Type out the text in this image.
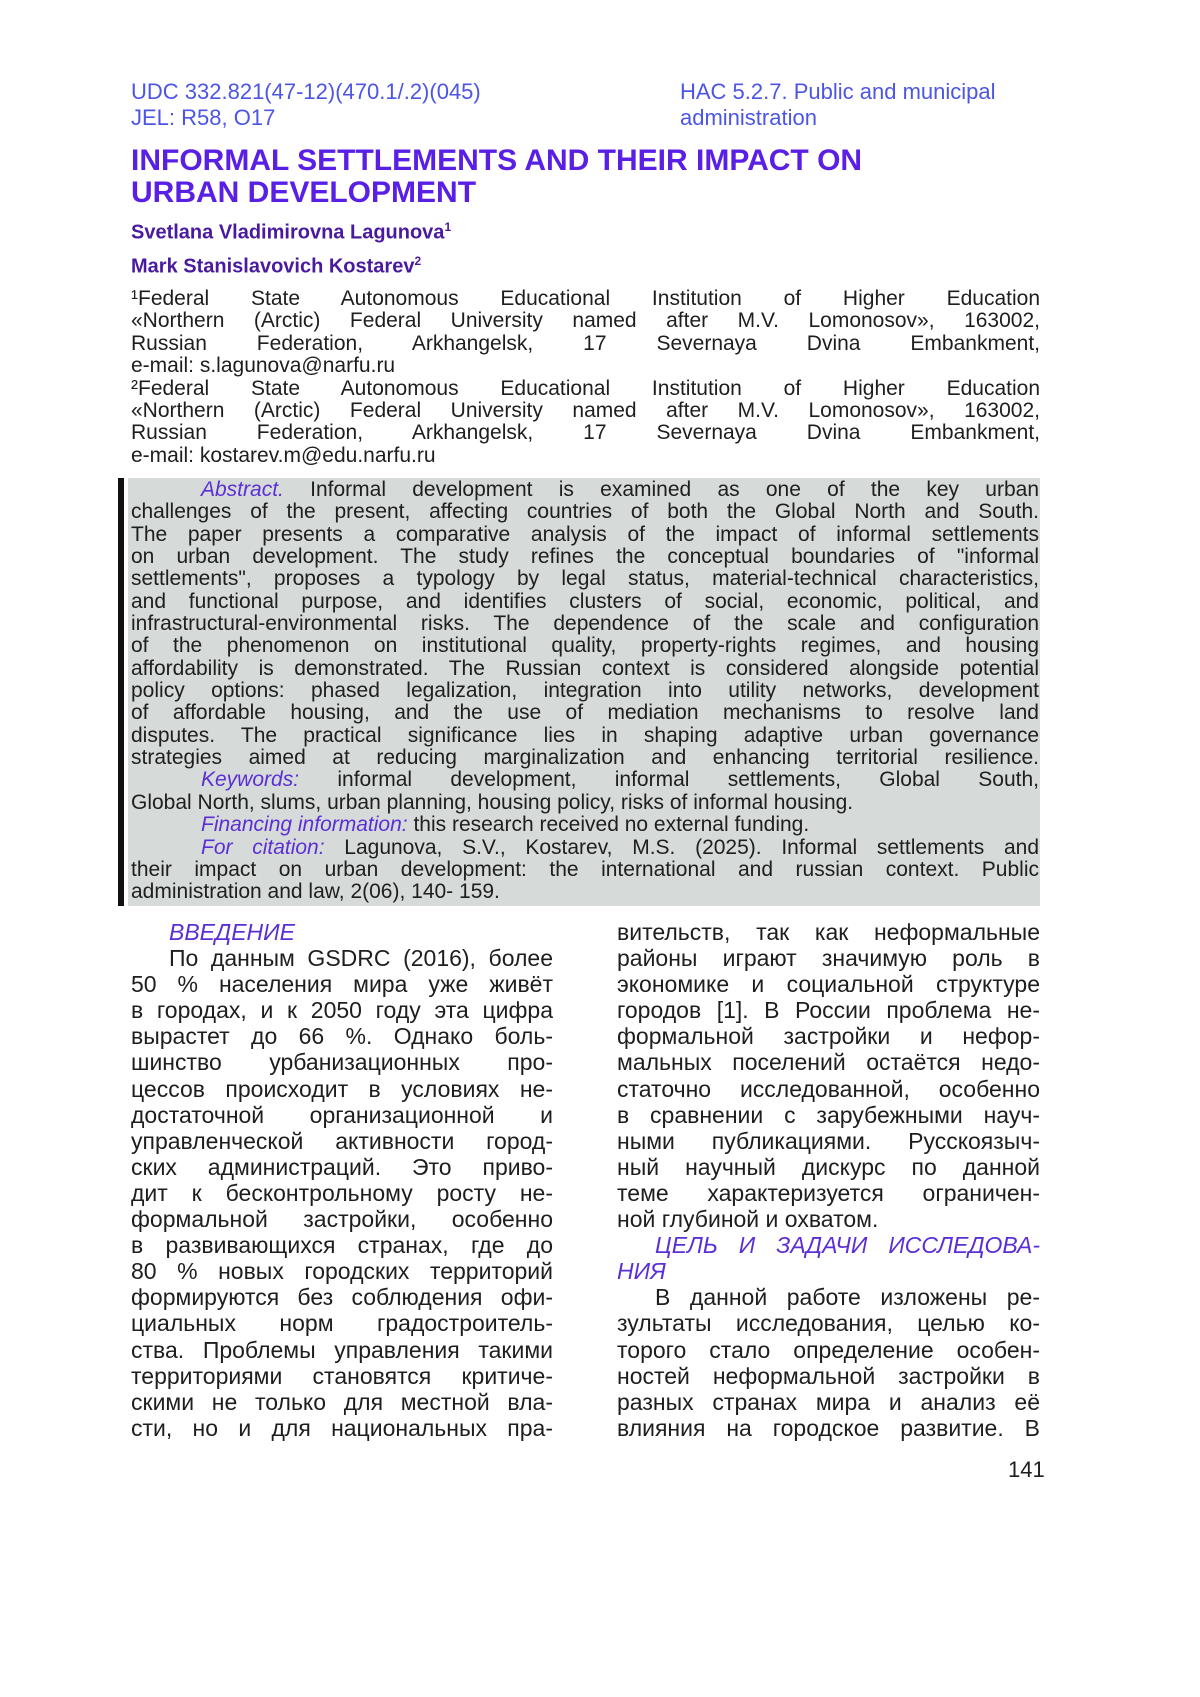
UDC 332.821(47-12)(470.1/.2)(045)
JEL: R58, O17
HAC 5.2.7. Public and municipal
administration
INFORMAL SETTLEMENTS AND THEIR IMPACT ON
URBAN DEVELOPMENT
Svetlana Vladimirovna Lagunova1
Mark Stanislavovich Kostarev2
¹Federal State Autonomous Educational Institution of Higher Education
«Northern (Arctic) Federal University named after M.V. Lomonosov», 163002,
Russian Federation, Arkhangelsk, 17 Severnaya Dvina Embankment,
e-mail: s.lagunova@narfu.ru
²Federal State Autonomous Educational Institution of Higher Education
«Northern (Arctic) Federal University named after M.V. Lomonosov», 163002,
Russian Federation, Arkhangelsk, 17 Severnaya Dvina Embankment,
e-mail: kostarev.m@edu.narfu.ru
Abstract. Informal development is examined as one of the key urban
challenges of the present, affecting countries of both the Global North and South.
The paper presents a comparative analysis of the impact of informal settlements
on urban development. The study refines the conceptual boundaries of "informal
settlements", proposes a typology by legal status, material-technical characteristics,
and functional purpose, and identifies clusters of social, economic, political, and
infrastructural-environmental risks. The dependence of the scale and configuration
of the phenomenon on institutional quality, property-rights regimes, and housing
affordability is demonstrated. The Russian context is considered alongside potential
policy options: phased legalization, integration into utility networks, development
of affordable housing, and the use of mediation mechanisms to resolve land
disputes. The practical significance lies in shaping adaptive urban governance
strategies aimed at reducing marginalization and enhancing territorial resilience.
Keywords: informal development, informal settlements, Global South,
Global North, slums, urban planning, housing policy, risks of informal housing.
Financing information: this research received no external funding.
For citation: Lagunova, S.V., Kostarev, M.S. (2025). Informal settlements and
their impact on urban development: the international and russian context. Public
administration and law, 2(06), 140- 159.
ВВЕДЕНИЕ
По данным GSDRC (2016), более
50 % населения мира уже живёт
в городах, и к 2050 году эта цифра
вырастет до 66 %. Однако боль-
шинство урбанизационных про-
цессов происходит в условиях не-
достаточной организационной и
управленческой активности город-
ских администраций. Это приво-
дит к бесконтрольному росту не-
формальной застройки, особенно
в развивающихся странах, где до
80 % новых городских территорий
формируются без соблюдения офи-
циальных норм градостроитель-
ства. Проблемы управления такими
территориями становятся критиче-
скими не только для местной вла-
сти, но и для национальных пра-
вительств, так как неформальные
районы играют значимую роль в
экономике и социальной структуре
городов [1]. В России проблема не-
формальной застройки и нефор-
мальных поселений остаётся недо-
статочно исследованной, особенно
в сравнении с зарубежными науч-
ными публикациями. Русскоязыч-
ный научный дискурс по данной
теме характеризуется ограничен-
ной глубиной и охватом.
ЦЕЛЬ И ЗАДАЧИ ИССЛЕДОВА-
НИЯ
В данной работе изложены ре-
зультаты исследования, целью ко-
торого стало определение особен-
ностей неформальной застройки в
разных странах мира и анализ её
влияния на городское развитие. В
141
